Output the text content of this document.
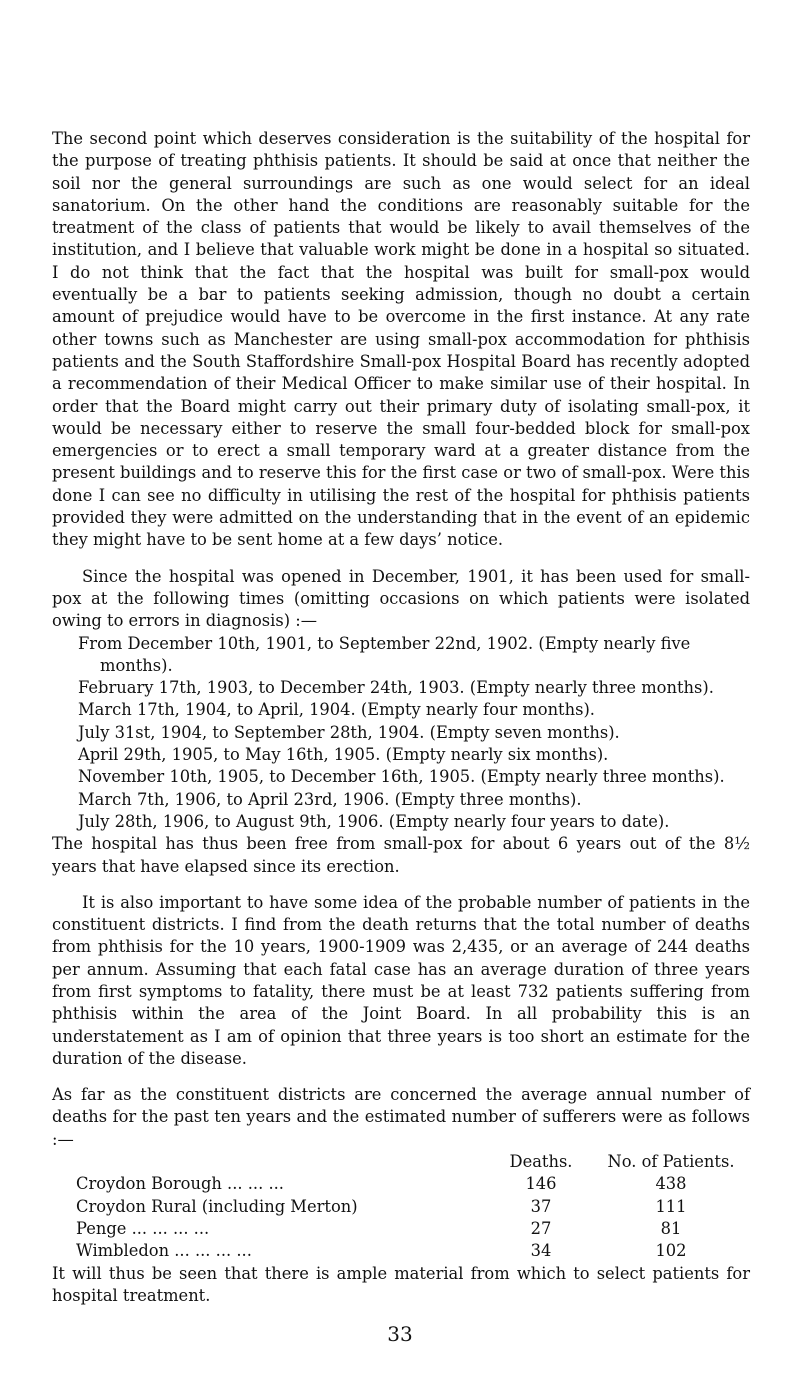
The second point which deserves consideration is the suitability of the hospital for the purpose of treating phthisis patients. It should be said at once that neither the soil nor the general surroundings are such as one would select for an ideal sanatorium. On the other hand the conditions are reasonably suitable for the treatment of the class of patients that would be likely to avail themselves of the institution, and I believe that valuable work might be done in a hospital so situated. I do not think that the fact that the hospital was built for small-pox would eventually be a bar to patients seeking admission, though no doubt a certain amount of prejudice would have to be overcome in the first instance. At any rate other towns such as Manchester are using small-pox accommodation for phthisis patients and the South Staffordshire Small-pox Hospital Board has recently adopted a recommendation of their Medical Officer to make similar use of their hospital. In order that the Board might carry out their primary duty of isolating small-pox, it would be necessary either to reserve the small four-bedded block for small-pox emergencies or to erect a small temporary ward at a greater distance from the present buildings and to reserve this for the first case or two of small-pox. Were this done I can see no difficulty in utilising the rest of the hospital for phthisis patients provided they were admitted on the understanding that in the event of an epidemic they might have to be sent home at a few days’ notice.

Since the hospital was opened in December, 1901, it has been used for small-pox at the following times (omitting occasions on which patients were isolated owing to errors in diagnosis) :—

From December 10th, 1901, to September 22nd, 1902. (Empty nearly five months).
February 17th, 1903, to December 24th, 1903. (Empty nearly three months).
March 17th, 1904, to April, 1904. (Empty nearly four months).
July 31st, 1904, to September 28th, 1904. (Empty seven months).
April 29th, 1905, to May 16th, 1905. (Empty nearly six months).
November 10th, 1905, to December 16th, 1905. (Empty nearly three months).
March 7th, 1906, to April 23rd, 1906. (Empty three months).
July 28th, 1906, to August 9th, 1906. (Empty nearly four years to date).

The hospital has thus been free from small-pox for about 6 years out of the 8½ years that have elapsed since its erection.

It is also important to have some idea of the probable number of patients in the constituent districts. I find from the death returns that the total number of deaths from phthisis for the 10 years, 1900-1909 was 2,435, or an average of 244 deaths per annum. Assuming that each fatal case has an average duration of three years from first symptoms to fatality, there must be at least 732 patients suffering from phthisis within the area of the Joint Board. In all probability this is an understatement as I am of opinion that three years is too short an estimate for the duration of the disease.

As far as the constituent districts are concerned the average annual number of deaths for the past ten years and the estimated number of sufferers were as follows :—

	Deaths.	No. of Patients.
Croydon Borough ... ... ...	146	438
Croydon Rural (including Merton)	37	111
Penge ... ... ... ...	27	81
Wimbledon ... ... ... ...	34	102

It will thus be seen that there is ample material from which to select patients for hospital treatment.

33
